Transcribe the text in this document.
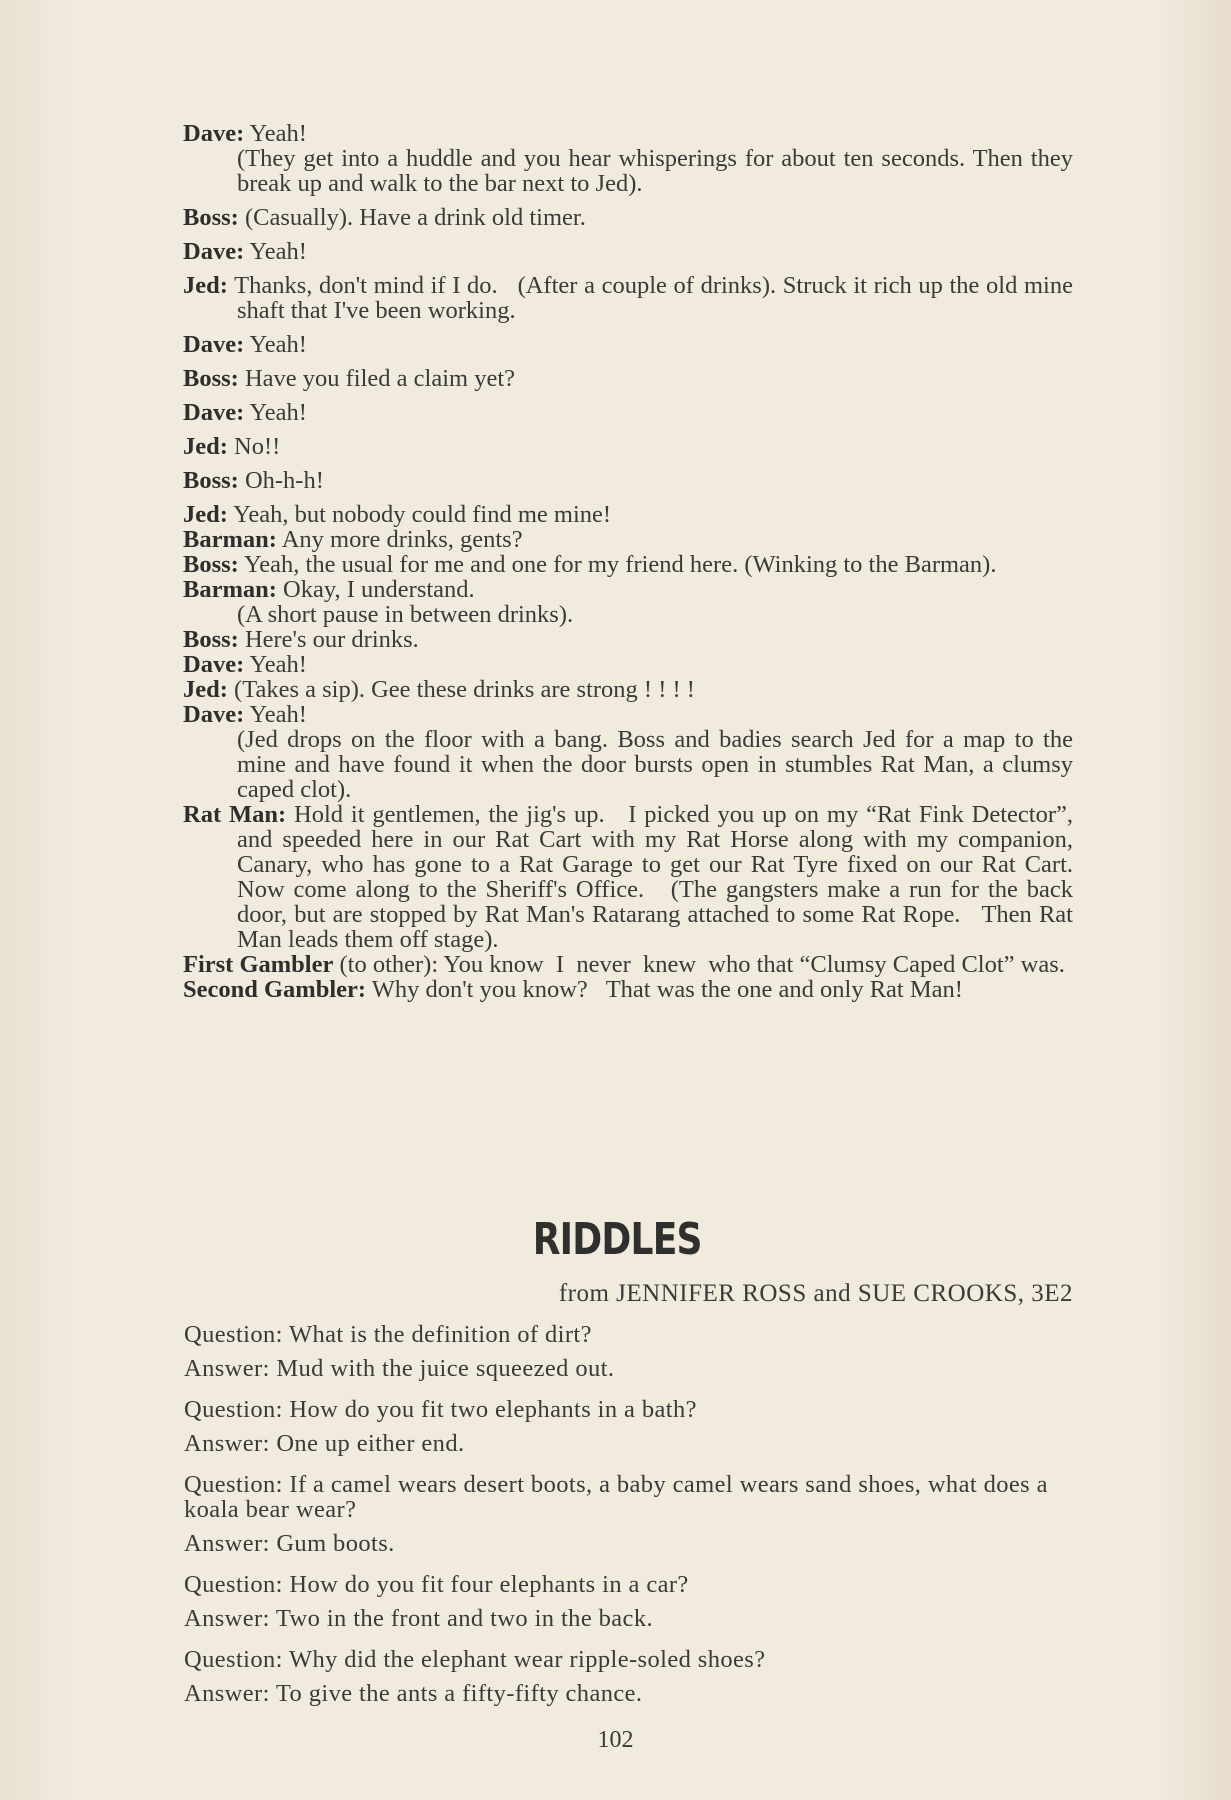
Dave: Yeah!

(They get into a huddle and you hear whisperings for about ten seconds. Then they break up and walk to the bar next to Jed).

Boss: (Casually). Have a drink old timer.

Dave: Yeah!

Jed: Thanks, don't mind if I do.   (After a couple of drinks). Struck it rich up the old mine shaft that I've been working.

Dave: Yeah!

Boss: Have you filed a claim yet?

Dave: Yeah!

Jed: No!!

Boss: Oh-h-h!

Jed: Yeah, but nobody could find me mine!

Barman: Any more drinks, gents?

Boss: Yeah, the usual for me and one for my friend here. (Winking to the Barman).

Barman: Okay, I understand.

(A short pause in between drinks).

Boss: Here's our drinks.

Dave: Yeah!

Jed: (Takes a sip). Gee these drinks are strong ! ! ! !

Dave: Yeah!

(Jed drops on the floor with a bang. Boss and badies search Jed for a map to the mine and have found it when the door bursts open in stumbles Rat Man, a clumsy caped clot).

Rat Man: Hold it gentlemen, the jig's up.   I picked you up on my “Rat Fink Detector”, and speeded here in our Rat Cart with my Rat Horse along with my companion, Canary, who has gone to a Rat Garage to get our Rat Tyre fixed on our Rat Cart.   Now come along to the Sheriff's Office.   (The gangsters make a run for the back door, but are stopped by Rat Man's Ratarang attached to some Rat Rope.   Then Rat Man leads them off stage).

First Gambler (to other): You know  I  never  knew  who that “Clumsy Caped Clot” was.

Second Gambler: Why don't you know?   That was the one and only Rat Man!

RIDDLES
from JENNIFER ROSS and SUE CROOKS, 3E2

Question: What is the definition of dirt?

Answer: Mud with the juice squeezed out.

Question: How do you fit two elephants in a bath?

Answer: One up either end.

Question: If a camel wears desert boots, a baby camel wears sand shoes, what does a koala bear wear?

Answer: Gum boots.

Question: How do you fit four elephants in a car?

Answer: Two in the front and two in the back.

Question: Why did the elephant wear ripple-soled shoes?

Answer: To give the ants a fifty-fifty chance.

102
